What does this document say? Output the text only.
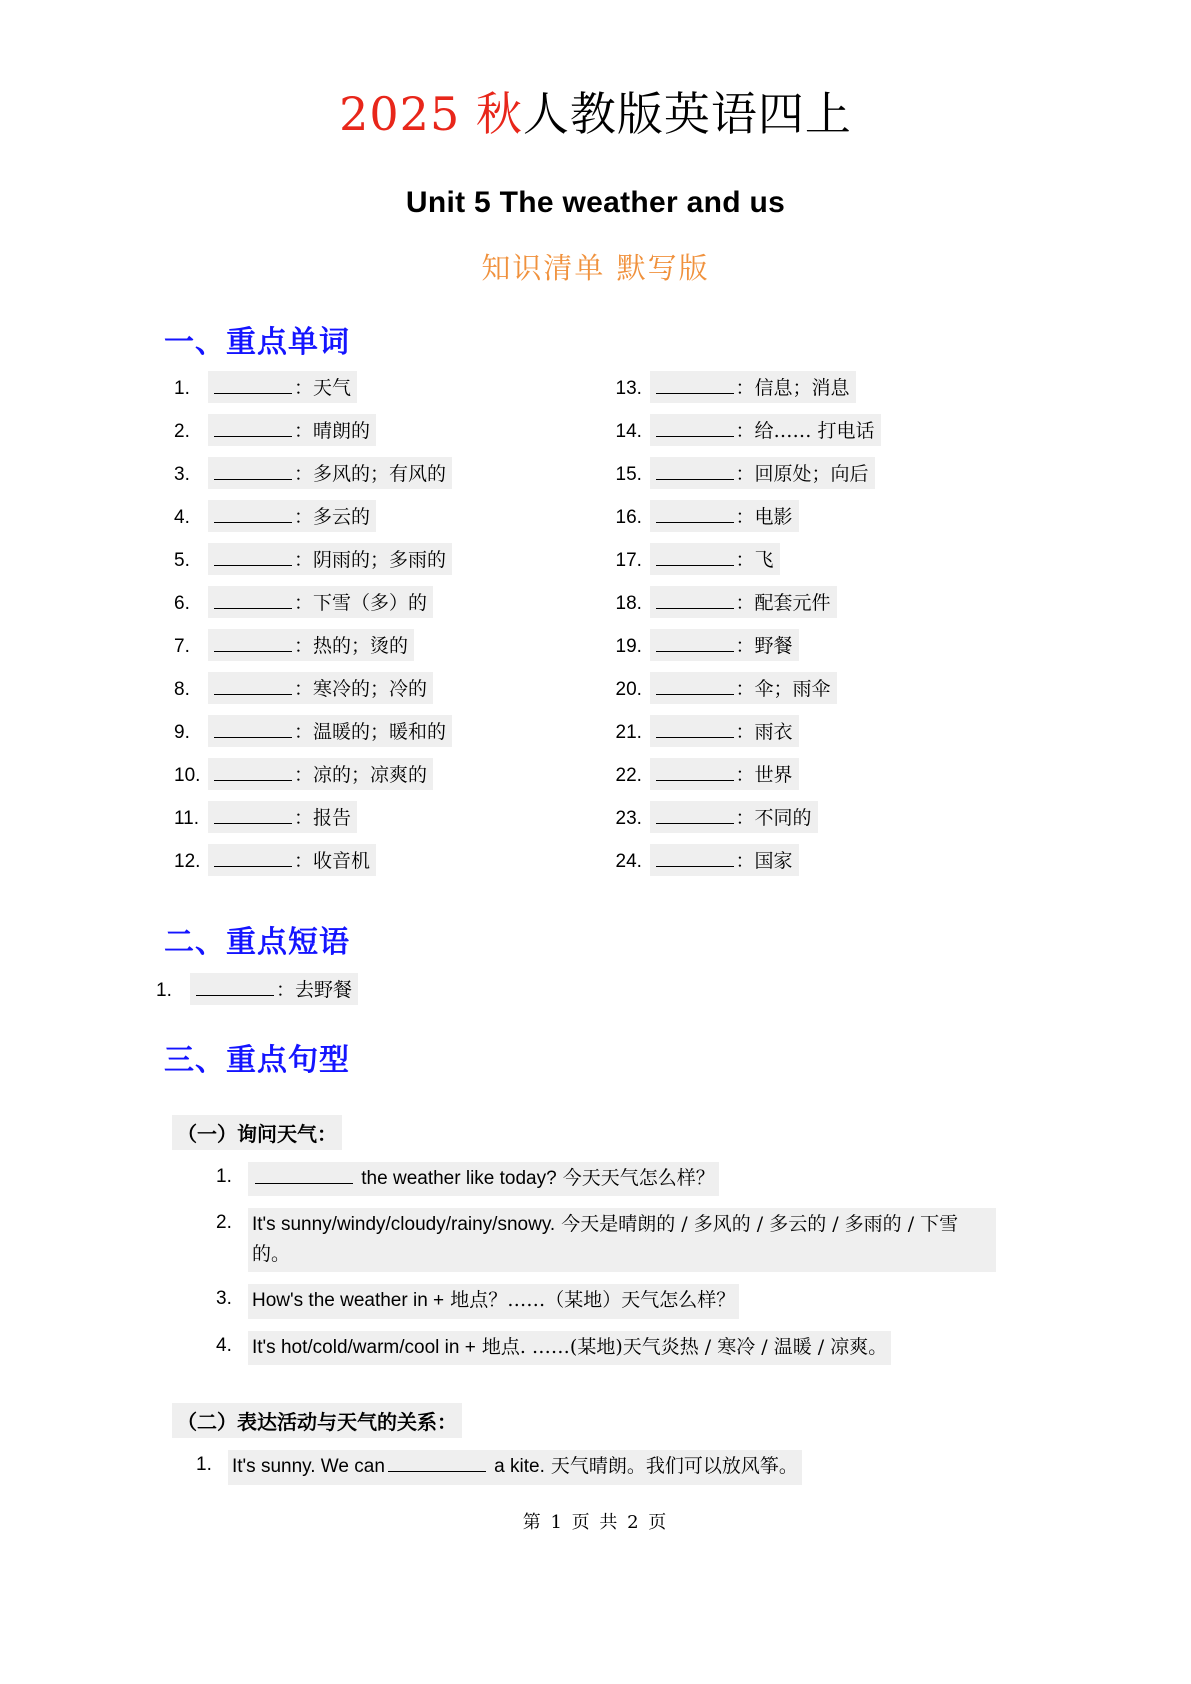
2025 秋人教版英语四上
Unit 5 The weather and us
知识清单 默写版
一、重点单词
1.	：天气
2.	：晴朗的
3.	：多风的；有风的
4.	：多云的
5.	：阴雨的；多雨的
6.	：下雪（多）的
7.	：热的；烫的
8.	：寒冷的；冷的
9.	：温暖的；暖和的
10.	：凉的；凉爽的
11.	：报告
12.	：收音机
13.	：信息；消息
14.	：给…… 打电话
15.	：回原处；向后
16.	：电影
17.	：飞
18.	：配套元件
19.	：野餐
20.	：伞；雨伞
21.	：雨衣
22.	：世界
23.	：不同的
24.	：国家
二、重点短语
1.	：去野餐
三、重点句型
（一）询问天气：
1.	the weather like today? 今天天气怎么样？
2.	It's sunny/windy/cloudy/rainy/snowy. 今天是晴朗的 / 多风的 / 多云的 / 多雨的 / 下雪的。
3.	How's the weather in + 地点？……（某地）天气怎么样？
4.	It's hot/cold/warm/cool in + 地点. ……(某地)天气炎热 / 寒冷 / 温暖 / 凉爽。
（二）表达活动与天气的关系：
1.	It's sunny. We can	a kite. 天气晴朗。我们可以放风筝。
第 1 页 共 2 页
